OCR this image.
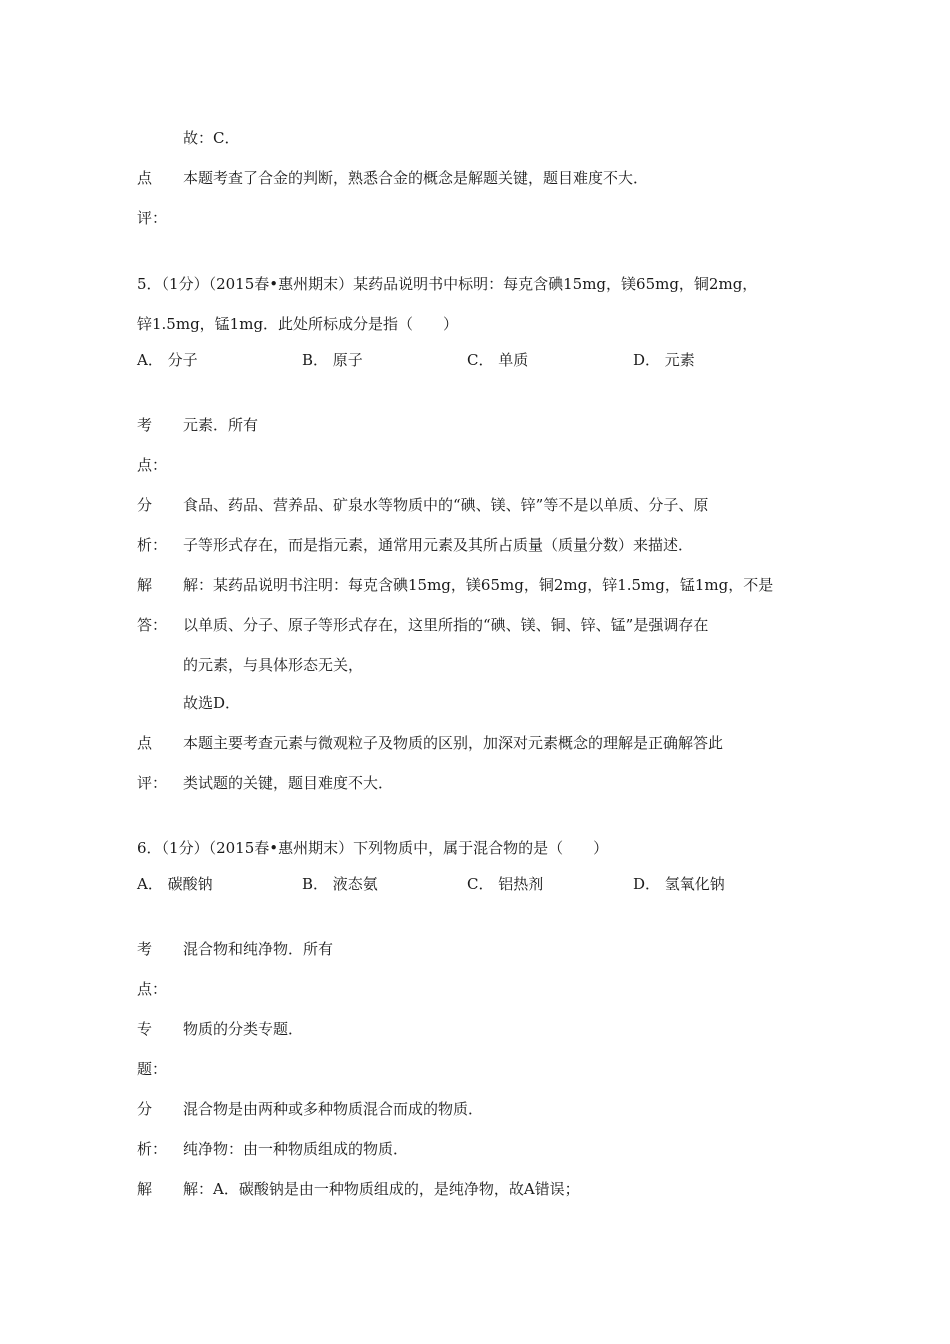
故：C．
点 本题考查了合金的判断，熟悉合金的概念是解题关键，题目难度不大．
评：
5．（1分）（2015春•惠州期末）某药品说明书中标明：每克含碘15mg，镁65mg，铜2mg，
锌1.5mg，锰1mg．此处所标成分是指（　　）
A． 分子	B． 原子	C． 单质	D． 元素
考 元素．所有
点：
分 食品、药品、营养品、矿泉水等物质中的“碘、镁、锌”等不是以单质、分子、原
析： 子等形式存在，而是指元素，通常用元素及其所占质量（质量分数）来描述．
解 解：某药品说明书注明：每克含碘15mg，镁65mg，铜2mg，锌1.5mg，锰1mg，不是
答： 以单质、分子、原子等形式存在，这里所指的“碘、镁、铜、锌、锰”是强调存在
的元素，与具体形态无关，
故选D．
点 本题主要考查元素与微观粒子及物质的区别，加深对元素概念的理解是正确解答此
评： 类试题的关键，题目难度不大．
6．（1分）（2015春•惠州期末）下列物质中，属于混合物的是（　　）
A． 碳酸钠	B． 液态氨	C． 铝热剂	D． 氢氧化钠
考 混合物和纯净物．所有
点：
专 物质的分类专题．
题：
分 混合物是由两种或多种物质混合而成的物质．
析： 纯净物：由一种物质组成的物质．
解 解：A．碳酸钠是由一种物质组成的，是纯净物，故A错误；
